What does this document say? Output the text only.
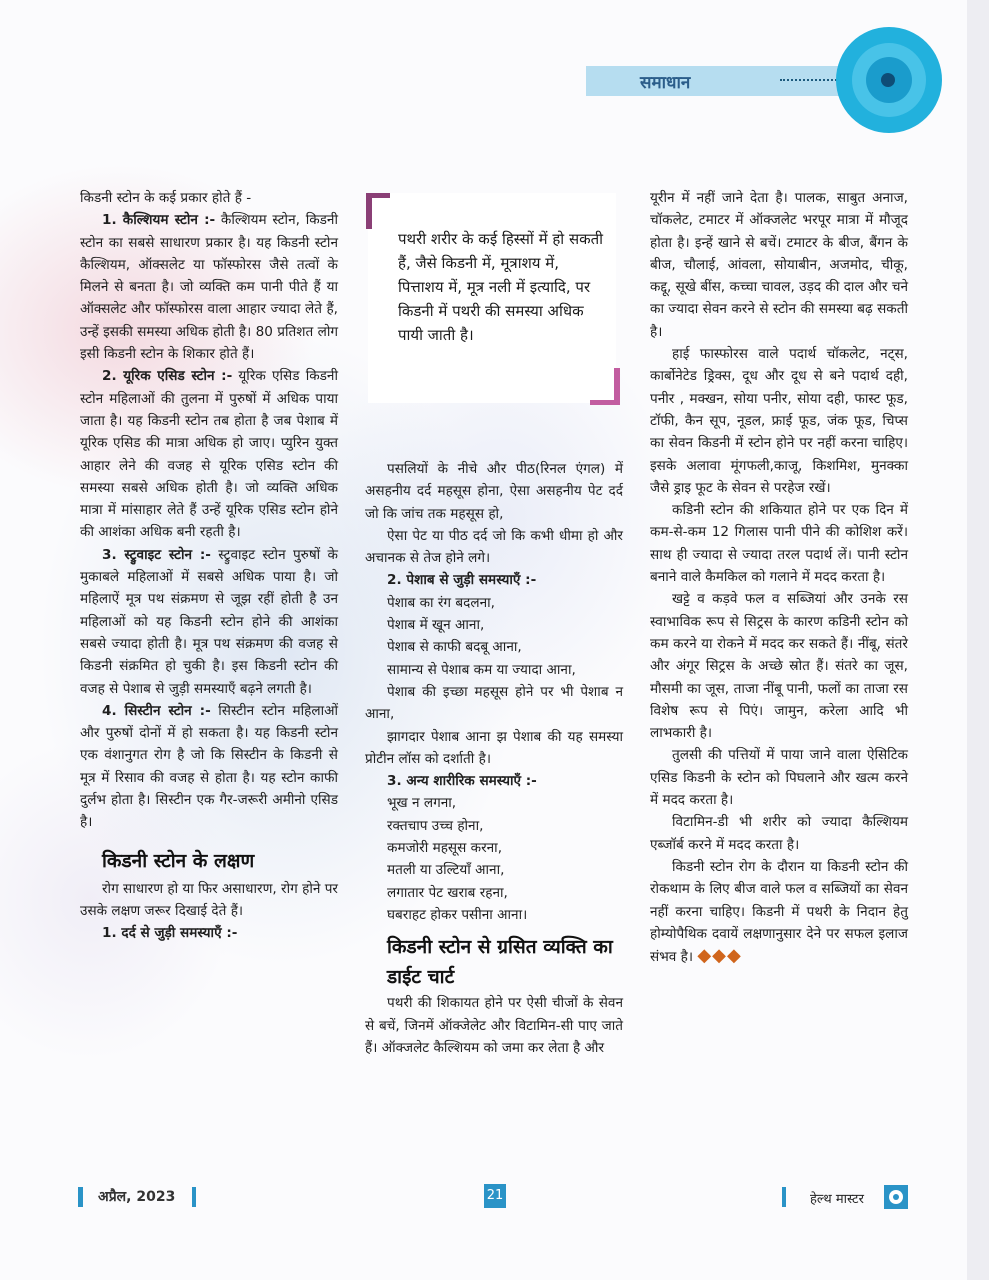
समाधान

किडनी स्टोन के कई प्रकार होते हैं -

1. कैल्शियम स्टोन :- कैल्शियम स्टोन, किडनी स्टोन का सबसे साधारण प्रकार है। यह किडनी स्टोन कैल्शियम, ऑक्सलेट या फॉस्फोरस जैसे तत्वों के मिलने से बनता है। जो व्यक्ति कम पानी पीते हैं या ऑक्सलेट और फॉस्फोरस वाला आहार ज्यादा लेते हैं, उन्हें इसकी समस्या अधिक होती है। 80 प्रतिशत लोग इसी किडनी स्टोन के शिकार होते हैं।

2. यूरिक एसिड स्टोन :- यूरिक एसिड किडनी स्टोन महिलाओं की तुलना में पुरुषों में अधिक पाया जाता है। यह किडनी स्टोन तब होता है जब पेशाब में यूरिक एसिड की मात्रा अधिक हो जाए। प्युरिन युक्त आहार लेने की वजह से यूरिक एसिड स्टोन की समस्या सबसे अधिक होती है। जो व्यक्ति अधिक मात्रा में मांसाहार लेते हैं उन्हें यूरिक एसिड स्टोन होने की आशंका अधिक बनी रहती है।

3. स्ट्रुवाइट स्टोन :- स्ट्रुवाइट स्टोन पुरुषों के मुकाबले महिलाओं में सबसे अधिक पाया है। जो महिलाऐं मूत्र पथ संक्रमण से जूझ रहीं होती है उन महिलाओं को यह किडनी स्टोन होने की आशंका सबसे ज्यादा होती है। मूत्र पथ संक्रमण की वजह से किडनी संक्रमित हो चुकी है। इस किडनी स्टोन की वजह से पेशाब से जुड़ी समस्याएँ बढ़ने लगती है।

4. सिस्टीन स्टोन :- सिस्टीन स्टोन महिलाओं और पुरुषों दोनों में हो सकता है। यह किडनी स्टोन एक वंशानुगत रोग है जो कि सिस्टीन के किडनी से मूत्र में रिसाव की वजह से होता है। यह स्टोन काफी दुर्लभ होता है। सिस्टीन एक गैर-जरूरी अमीनो एसिड है।

किडनी स्टोन के लक्षण

रोग साधारण हो या फिर असाधारण, रोग होने पर उसके लक्षण जरूर दिखाई देते हैं।

1. दर्द से जुड़ी समस्याएँ :-

पथरी शरीर के कई हिस्सों में हो सकती हैं, जैसे किडनी में, मूत्राशय में, पित्ताशय में, मूत्र नली में इत्यादि, पर किडनी में पथरी की समस्या अधिक पायी जाती है।

पसलियों के नीचे और पीठ(रिनल एंगल) में असहनीय दर्द महसूस होना, ऐसा असहनीय पेट दर्द जो कि जांच तक महसूस हो,

ऐसा पेट या पीठ दर्द जो कि कभी धीमा हो और अचानक से तेज होने लगे।

2. पेशाब से जुड़ी समस्याएँ :-

पेशाब का रंग बदलना,

पेशाब में खून आना,

पेशाब से काफी बदबू आना,

सामान्य से पेशाब कम या ज्यादा आना,

पेशाब की इच्छा महसूस होने पर भी पेशाब न आना,

झागदार पेशाब आना झ पेशाब की यह समस्या प्रोटीन लॉस को दर्शाती है।

3. अन्य शारीरिक समस्याएँ :-

भूख न लगना,

रक्तचाप उच्च होना,

कमजोरी महसूस करना,

मतली या उल्टियाँ आना,

लगातार पेट खराब रहना,

घबराहट होकर पसीना आना।

किडनी स्टोन से ग्रसित व्यक्ति का डाईट चार्ट

पथरी की शिकायत होने पर ऐसी चीजों के सेवन से बचें, जिनमें ऑक्जेलेट और विटामिन-सी पाए जाते हैं। ऑक्जलेट कैल्शियम को जमा कर लेता है और

यूरीन में नहीं जाने देता है। पालक, साबुत अनाज, चॉकलेट, टमाटर में ऑक्जलेट भरपूर मात्रा में मौजूद होता है। इन्हें खाने से बचें। टमाटर के बीज, बैंगन के बीज, चौलाई, आंवला, सोयाबीन, अजमोद, चीकू, कद्दू, सूखे बींस, कच्चा चावल, उड़द की दाल और चने का ज्यादा सेवन करने से स्टोन की समस्या बढ़ सकती है।

हाई फास्फोरस वाले पदार्थ चॉकलेट, नट्स, कार्बोनेटेड ड्रिक्स, दूध और दूध से बने पदार्थ दही, पनीर , मक्खन, सोया पनीर, सोया दही, फास्ट फूड, टॉफी, कैन सूप, नूडल, फ्राई फूड, जंक फूड, चिप्स का सेवन किडनी में स्टोन होने पर नहीं करना चाहिए। इसके अलावा मूंगफली,काजू, किशमिश, मुनक्का जैसे ड्राइ फूट के सेवन से परहेज रखें।

कडिनी स्टोन की शकियात होने पर एक दिन में कम-से-कम 12 गिलास पानी पीने की कोशिश करें। साथ ही ज्यादा से ज्यादा तरल पदार्थ लें। पानी स्टोन बनाने वाले कैमकिल को गलाने में मदद करता है।

खट्टे व कड़वे फल व सब्जियां और उनके रस स्वाभाविक रूप से सिट्रस के कारण कडिनी स्टोन को कम करने या रोकने में मदद कर सकते हैं। नींबू, संतरे और अंगूर सिट्रस के अच्छे स्रोत हैं। संतरे का जूस, मौसमी का जूस, ताजा नींबू पानी, फलों का ताजा रस विशेष रूप से पिएं। जामुन, करेला आदि भी लाभकारी है।

तुलसी की पत्तियों में पाया जाने वाला ऐसिटिक एसिड किडनी के स्टोन को पिघलाने और खत्म करने में मदद करता है।

विटामिन-डी भी शरीर को ज्यादा कैल्शियम एब्जॉर्ब करने में मदद करता है।

किडनी स्टोन रोग के दौरान या किडनी स्टोन की रोकथाम के लिए बीज वाले फल व सब्जियों का सेवन नहीं करना चाहिए। किडनी में पथरी के निदान हेतु होम्योपैथिक दवायें लक्षणानुसार देने पर सफल इलाज संभव है। ◆◆◆

अप्रैल, 2023	21	हेल्थ मास्टर
